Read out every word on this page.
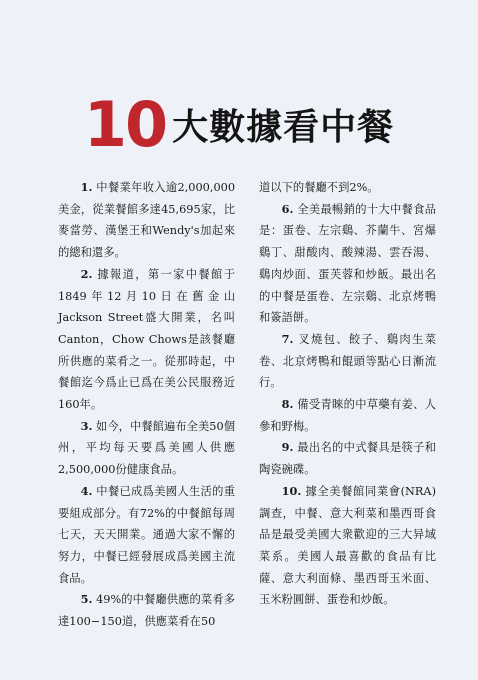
10 大數據看中餐

1. 中餐業年收入逾2,000,000美金，從業餐館多達45,695家，比麥當勞、漢堡王和Wendy's加起來的總和還多。

2. 據報道，第一家中餐館于1849年12月10日在舊金山Jackson Street盛大開業，名叫Canton，Chow Chows是該餐廳所供應的菜肴之一。從那時起，中餐館迄今爲止已爲在美公民服務近160年。

3. 如今，中餐館遍布全美50個州，平均每天要爲美國人供應2,500,000份健康食品。

4. 中餐已成爲美國人生活的重要組成部分。有72%的中餐館每周七天，天天開業。通過大家不懈的努力，中餐已經發展成爲美國主流食品。

5. 49%的中餐廳供應的菜肴多達100−150道，供應菜肴在50

道以下的餐廳不到2%。

6. 全美最暢銷的十大中餐食品是：蛋卷、左宗鷄、芥蘭牛、宮爆鷄丁、甜酸肉、酸辣湯、雲吞湯、鷄肉炒面、蛋芙蓉和炒飯。最出名的中餐是蛋卷、左宗鷄、北京烤鴨和簽語餅。

7. 叉燒包、餃子、鷄肉生菜卷、北京烤鴨和餛頭等點心日漸流行。

8. 備受青睞的中草藥有姜、人參和野梅。

9. 最出名的中式餐具是筷子和陶瓷碗碟。

10. 據全美餐館同業會(NRA)調查，中餐、意大利菜和墨西哥食品是最受美國大衆歡迎的三大异域菜系。美國人最喜歡的食品有比薩、意大利面條、墨西哥玉米面、玉米粉圓餅、蛋卷和炒飯。
